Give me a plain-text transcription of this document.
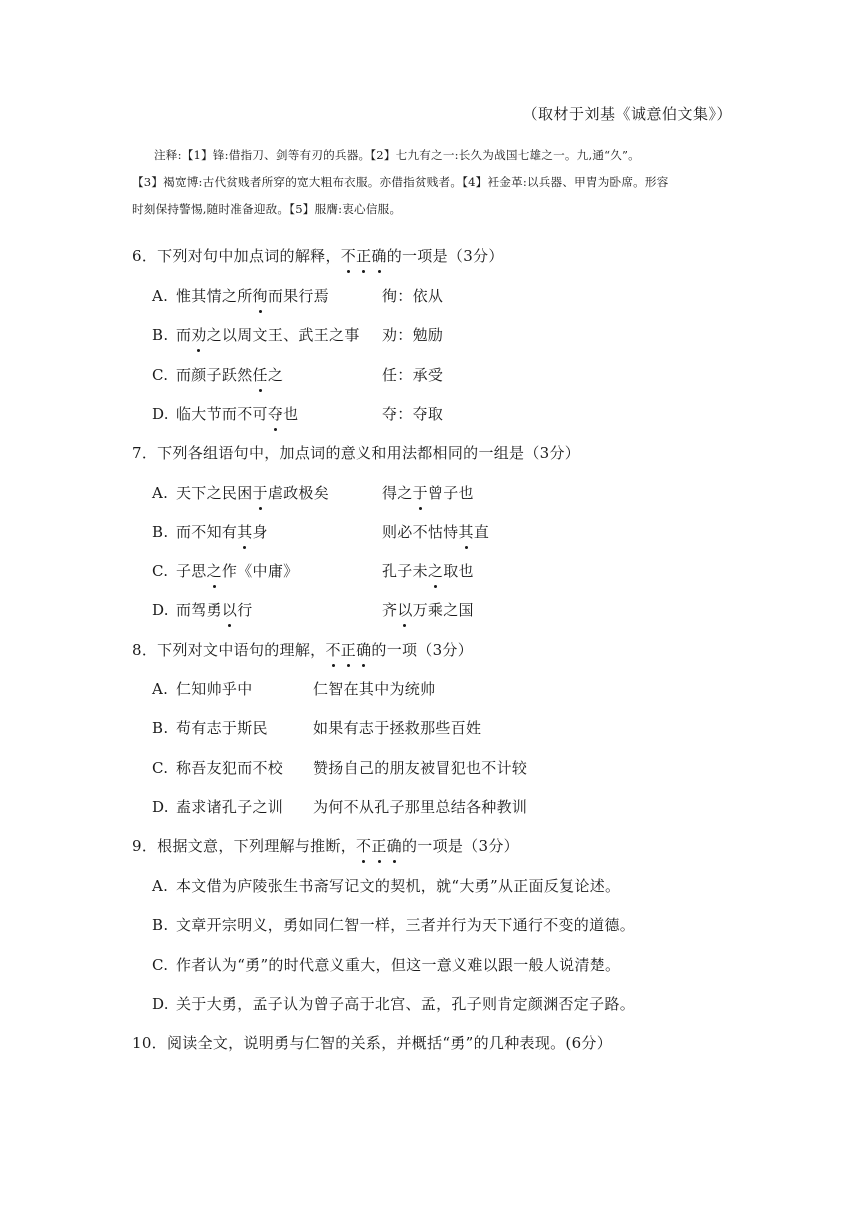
（取材于刘基《诚意伯文集》）
注释:【1】锋:借指刀、剑等有刃的兵器。【2】七九有之一:长久为战国七雄之一。九,通“久”。
【3】褐宽博:古代贫贱者所穿的宽大粗布衣服。亦借指贫贱者。【4】衽金革:以兵器、甲胄为卧席。形容
时刻保持警惕,随时准备迎敌。【5】服膺:衷心信服。
6．下列对句中加点词的解释，不正确的一项是（3分）
A. 惟其情之所徇而果行焉	徇：依从
B. 而劝之以周文王、武王之事 劝：勉励
C. 而颜子跃然任之	任：承受
D. 临大节而不可夺也	夺：夺取
7．下列各组语句中，加点词的意义和用法都相同的一组是（3分）
A. 天下之民困于虐政极矣	得之于曾子也
B. 而不知有其身	则必不怙恃其直
C. 子思之作《中庸》	孔子未之取也
D. 而驾勇以行	齐以万乘之国
8．下列对文中语句的理解，不正确的一项（3分）
A. 仁知帅乎中	仁智在其中为统帅
B. 苟有志于斯民	如果有志于拯救那些百姓
C. 称吾友犯而不校 赞扬自己的朋友被冒犯也不计较
D. 盍求诸孔子之训 为何不从孔子那里总结各种教训
9．根据文意，下列理解与推断，不正确的一项是（3分）
A. 本文借为庐陵张生书斋写记文的契机，就“大勇”从正面反复论述。
B. 文章开宗明义，勇如同仁智一样，三者并行为天下通行不变的道德。
C. 作者认为“勇”的时代意义重大，但这一意义难以跟一般人说清楚。
D. 关于大勇，孟子认为曾子高于北宫、孟，孔子则肯定颜渊否定子路。
10．阅读全文，说明勇与仁智的关系，并概括“勇”的几种表现。(6分）
